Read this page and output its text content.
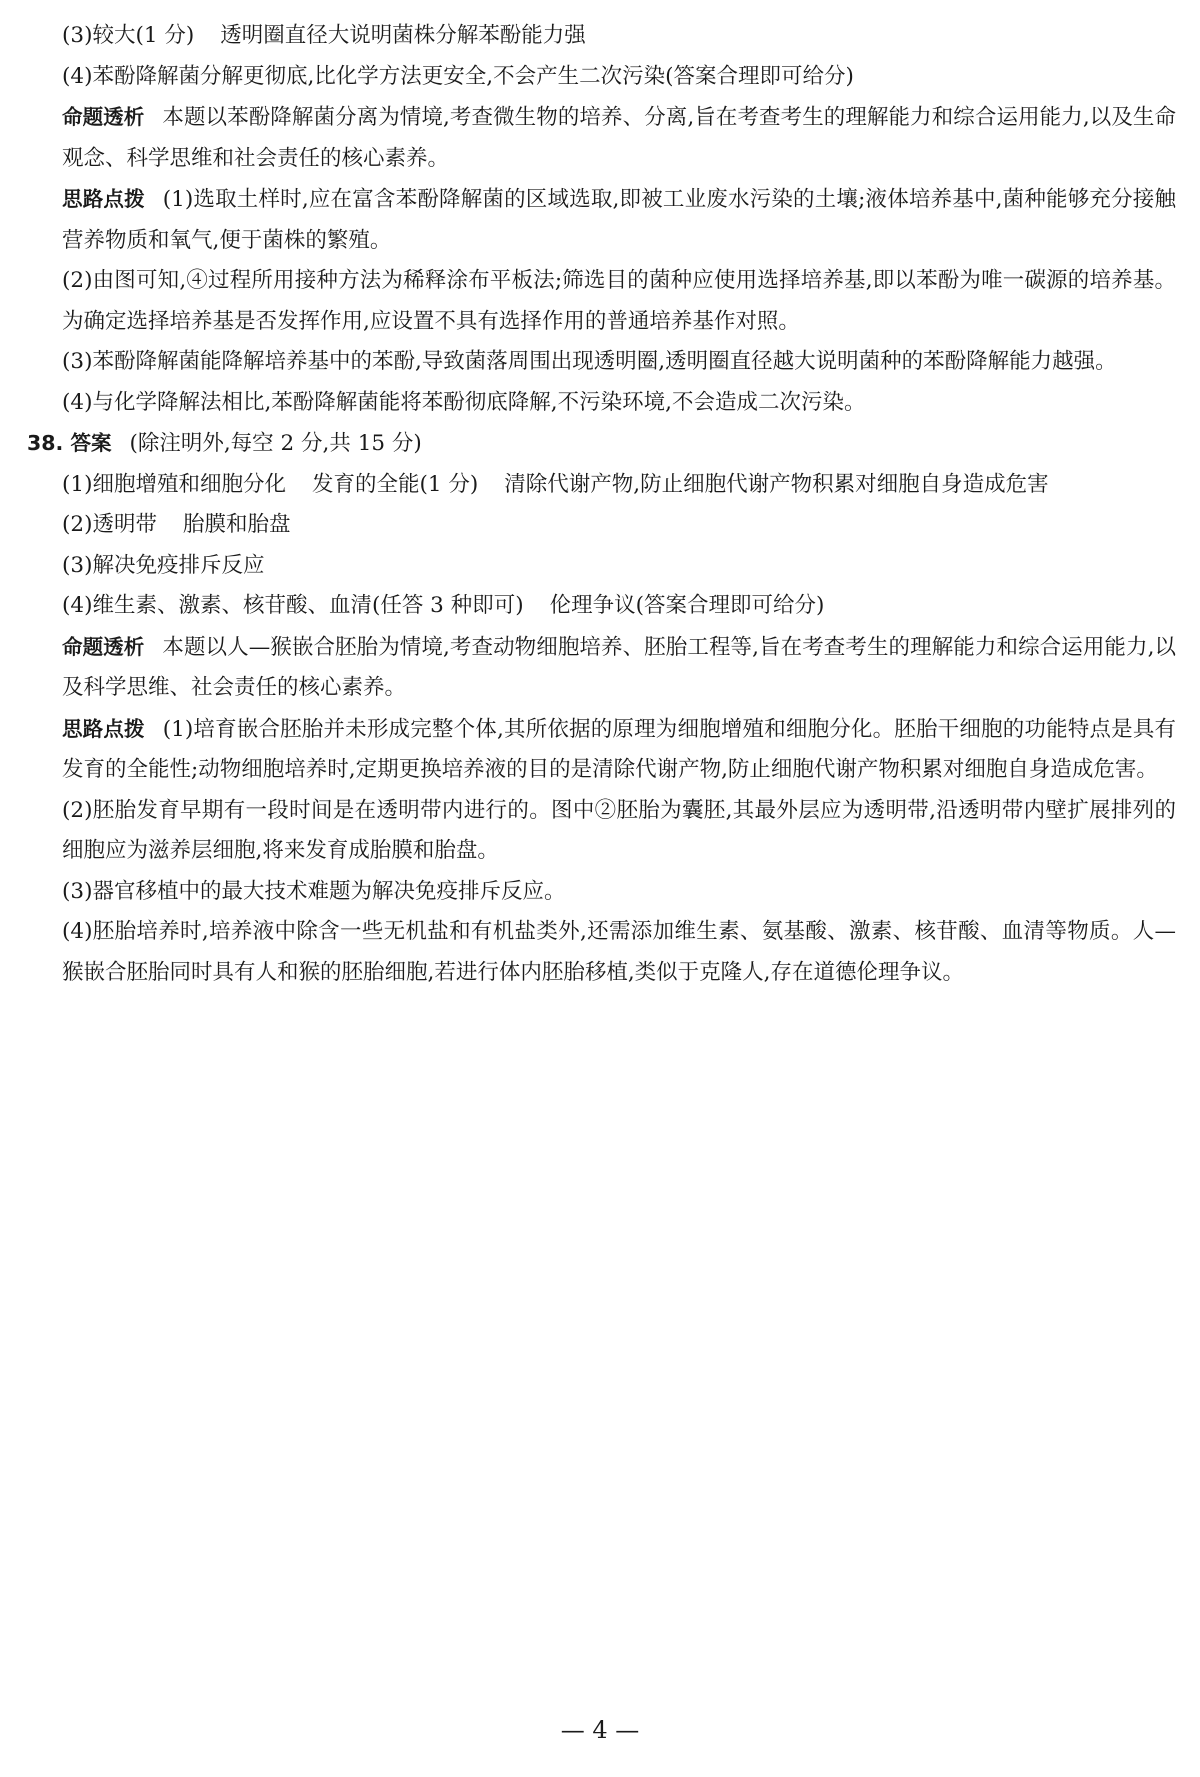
(3)较大(1 分) 透明圈直径大说明菌株分解苯酚能力强

(4)苯酚降解菌分解更彻底,比化学方法更安全,不会产生二次污染(答案合理即可给分)

命题透析 本题以苯酚降解菌分离为情境,考查微生物的培养、分离,旨在考查考生的理解能力和综合运用能力,以及生命观念、科学思维和社会责任的核心素养。

思路点拨 (1)选取土样时,应在富含苯酚降解菌的区域选取,即被工业废水污染的土壤;液体培养基中,菌种能够充分接触营养物质和氧气,便于菌株的繁殖。

(2)由图可知,④过程所用接种方法为稀释涂布平板法;筛选目的菌种应使用选择培养基,即以苯酚为唯一碳源的培养基。为确定选择培养基是否发挥作用,应设置不具有选择作用的普通培养基作对照。

(3)苯酚降解菌能降解培养基中的苯酚,导致菌落周围出现透明圈,透明圈直径越大说明菌种的苯酚降解能力越强。

(4)与化学降解法相比,苯酚降解菌能将苯酚彻底降解,不污染环境,不会造成二次污染。

38. 答案 (除注明外,每空 2 分,共 15 分)

(1)细胞增殖和细胞分化 发育的全能(1 分) 清除代谢产物,防止细胞代谢产物积累对细胞自身造成危害

(2)透明带 胎膜和胎盘

(3)解决免疫排斥反应

(4)维生素、激素、核苷酸、血清(任答 3 种即可) 伦理争议(答案合理即可给分)

命题透析 本题以人—猴嵌合胚胎为情境,考查动物细胞培养、胚胎工程等,旨在考查考生的理解能力和综合运用能力,以及科学思维、社会责任的核心素养。

思路点拨 (1)培育嵌合胚胎并未形成完整个体,其所依据的原理为细胞增殖和细胞分化。胚胎干细胞的功能特点是具有发育的全能性;动物细胞培养时,定期更换培养液的目的是清除代谢产物,防止细胞代谢产物积累对细胞自身造成危害。

(2)胚胎发育早期有一段时间是在透明带内进行的。图中②胚胎为囊胚,其最外层应为透明带,沿透明带内壁扩展排列的细胞应为滋养层细胞,将来发育成胎膜和胎盘。

(3)器官移植中的最大技术难题为解决免疫排斥反应。

(4)胚胎培养时,培养液中除含一些无机盐和有机盐类外,还需添加维生素、氨基酸、激素、核苷酸、血清等物质。人—猴嵌合胚胎同时具有人和猴的胚胎细胞,若进行体内胚胎移植,类似于克隆人,存在道德伦理争议。

— 4 —
